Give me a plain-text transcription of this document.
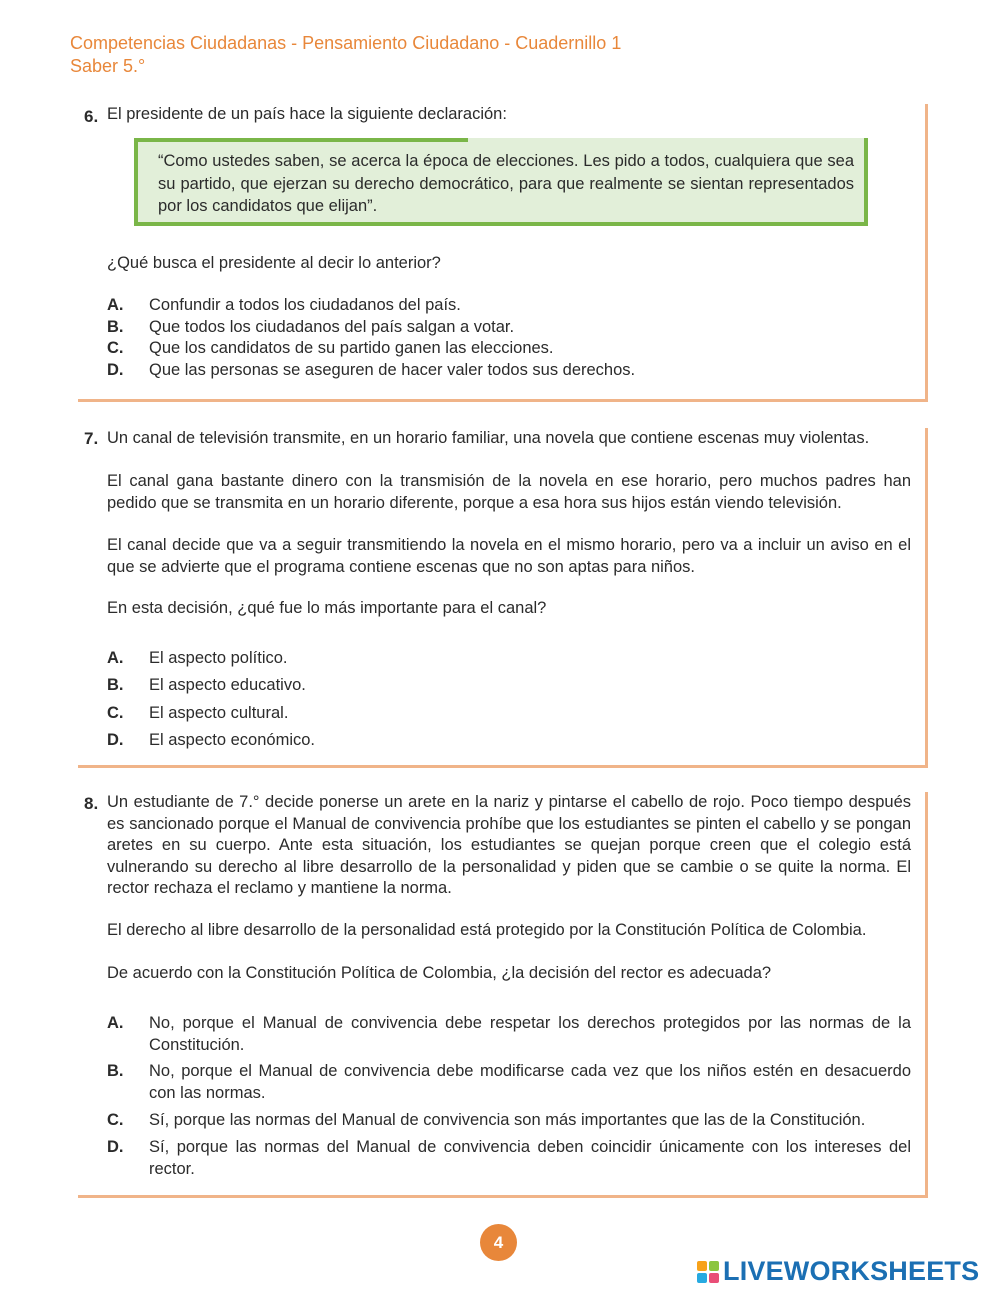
Competencias Ciudadanas - Pensamiento Ciudadano - Cuadernillo 1
Saber 5.°
6. El presidente de un país hace la siguiente declaración:

“Como ustedes saben, se acerca la época de elecciones. Les pido a todos, cualquiera que sea su partido, que ejerzan su derecho democrático, para que realmente se sientan representados por los candidatos que elijan”.

¿Qué busca el presidente al decir lo anterior?

A. Confundir a todos los ciudadanos del país.
B. Que todos los ciudadanos del país salgan a votar.
C. Que los candidatos de su partido ganen las elecciones.
D. Que las personas se aseguren de hacer valer todos sus derechos.
7. Un canal de televisión transmite, en un horario familiar, una novela que contiene escenas muy violentas.

El canal gana bastante dinero con la transmisión de la novela en ese horario, pero muchos padres han pedido que se transmita en un horario diferente, porque a esa hora sus hijos están viendo televisión.

El canal decide que va a seguir transmitiendo la novela en el mismo horario, pero va a incluir un aviso en el que se advierte que el programa contiene escenas que no son aptas para niños.

En esta decisión, ¿qué fue lo más importante para el canal?

A. El aspecto político.
B. El aspecto educativo.
C. El aspecto cultural.
D. El aspecto económico.
8. Un estudiante de 7.° decide ponerse un arete en la nariz y pintarse el cabello de rojo. Poco tiempo después es sancionado porque el Manual de convivencia prohíbe que los estudiantes se pinten el cabello y se pongan aretes en su cuerpo. Ante esta situación, los estudiantes se quejan porque creen que el colegio está vulnerando su derecho al libre desarrollo de la personalidad y piden que se cambie o se quite la norma. El rector rechaza el reclamo y mantiene la norma.

El derecho al libre desarrollo de la personalidad está protegido por la Constitución Política de Colombia.

De acuerdo con la Constitución Política de Colombia, ¿la decisión del rector es adecuada?

A. No, porque el Manual de convivencia debe respetar los derechos protegidos por las normas de la Constitución.
B. No, porque el Manual de convivencia debe modificarse cada vez que los niños estén en desacuerdo con las normas.
C. Sí, porque las normas del Manual de convivencia son más importantes que las de la Constitución.
D. Sí, porque las normas del Manual de convivencia deben coincidir únicamente con los intereses del rector.
4
LIVEWORKSHEETS
